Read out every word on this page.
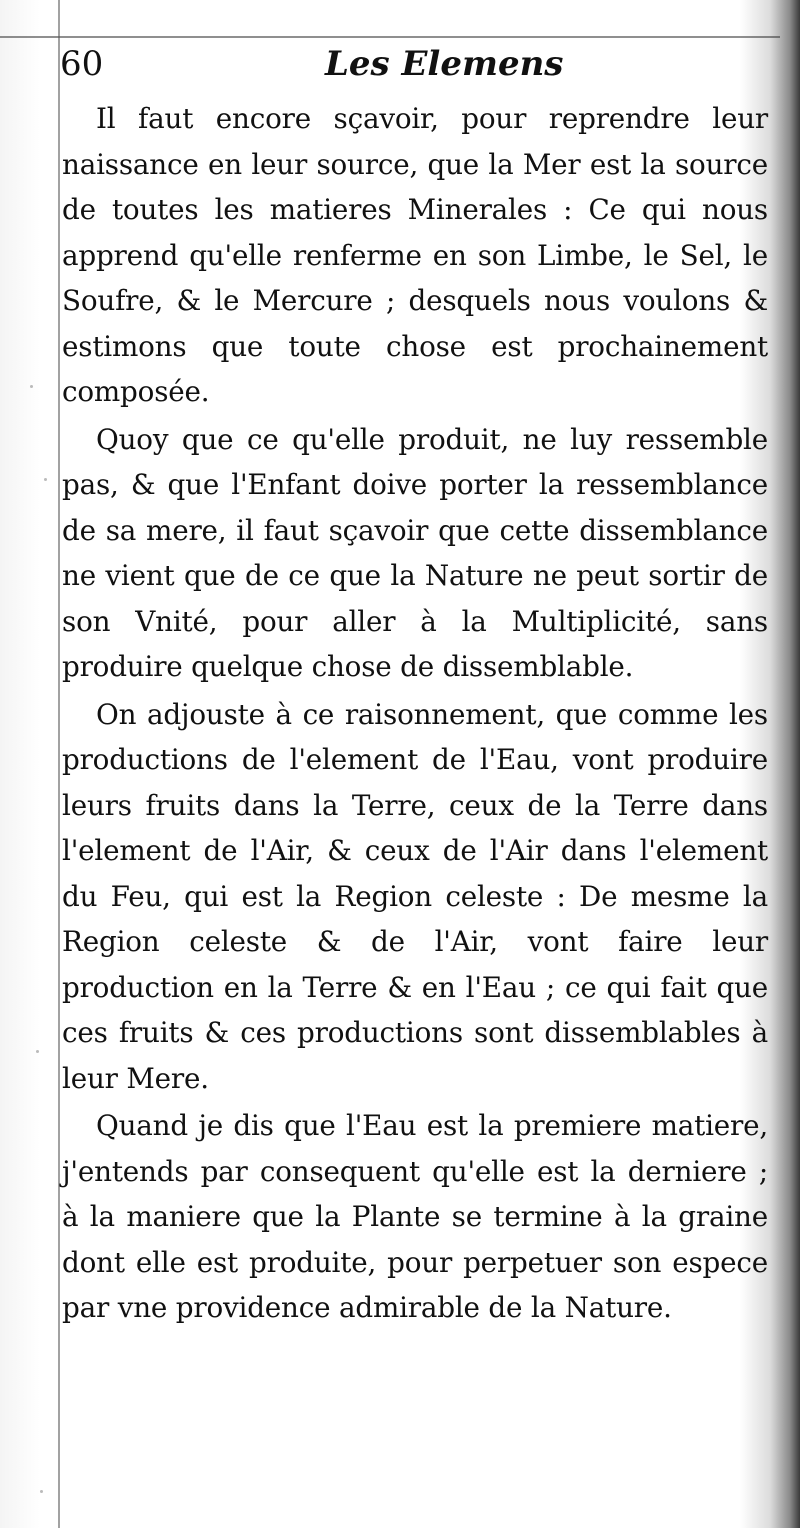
60	Les Elemens

Il faut encore sçavoir, pour reprendre leur naissance en leur source, que la Mer est la source de toutes les matieres Minerales : Ce qui nous apprend qu'elle renferme en son Limbe, le Sel, le Soufre, & le Mercure ; desquels nous voulons & estimons que toute chose est prochainement composée.

Quoy que ce qu'elle produit, ne luy ressemble pas, & que l'Enfant doive porter la ressemblance de sa mere, il faut sçavoir que cette dissemblance ne vient que de ce que la Nature ne peut sortir de son Vnité, pour aller à la Multiplicité, sans produire quelque chose de dissemblable.

On adjouste à ce raisonnement, que comme les productions de l'element de l'Eau, vont produire leurs fruits dans la Terre, ceux de la Terre dans l'element de l'Air, & ceux de l'Air dans l'element du Feu, qui est la Region celeste : De mesme la Region celeste & de l'Air, vont faire leur production en la Terre & en l'Eau ; ce qui fait que ces fruits & ces productions sont dissemblables à leur Mere.

Quand je dis que l'Eau est la premiere matiere, j'entends par consequent qu'elle est la derniere ; à la maniere que la Plante se termine à la graine dont elle est produite, pour perpetuer son espece par vne providence admirable de la Nature.
